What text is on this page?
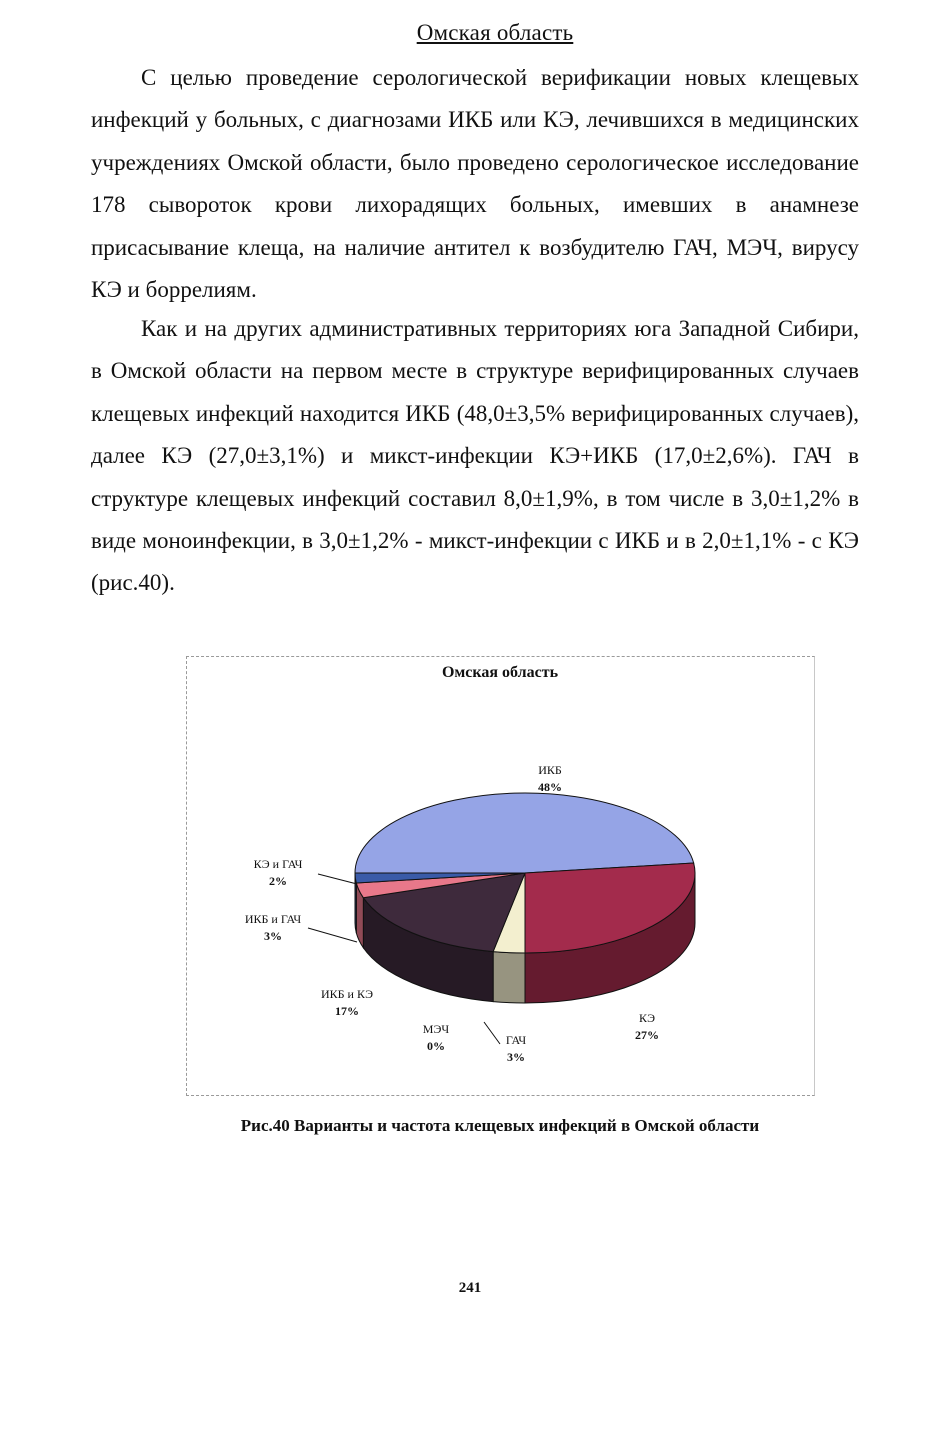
Омская область

С целью проведение серологической верификации новых клещевых инфекций у больных, с диагнозами ИКБ или КЭ, лечившихся в медицинских учреждениях Омской области, было проведено серологическое исследование 178 сывороток крови лихорадящих больных, имевших в анамнезе присасывание клеща, на наличие антител к возбудителю ГАЧ, МЭЧ, вирусу КЭ и боррелиям.

Как и на других административных территориях юга Западной Сибири, в Омской области на первом месте в структуре верифицированных случаев клещевых инфекций находится ИКБ (48,0±3,5% верифицированных случаев), далее КЭ (27,0±3,1%) и микст-инфекции КЭ+ИКБ (17,0±2,6%). ГАЧ в структуре клещевых инфекций составил 8,0±1,9%, в том числе в 3,0±1,2% в виде моноинфекции, в 3,0±1,2% - микст-инфекции с ИКБ и в 2,0±1,1% - с КЭ (рис.40).

Омская область
ИКБ
48%
КЭ
27%
ГАЧ
3%
МЭЧ
0%
ИКБ и КЭ
17%
ИКБ и ГАЧ
3%
КЭ и ГАЧ
2%
Рис.40 Варианты и частота клещевых инфекций в Омской области
241
